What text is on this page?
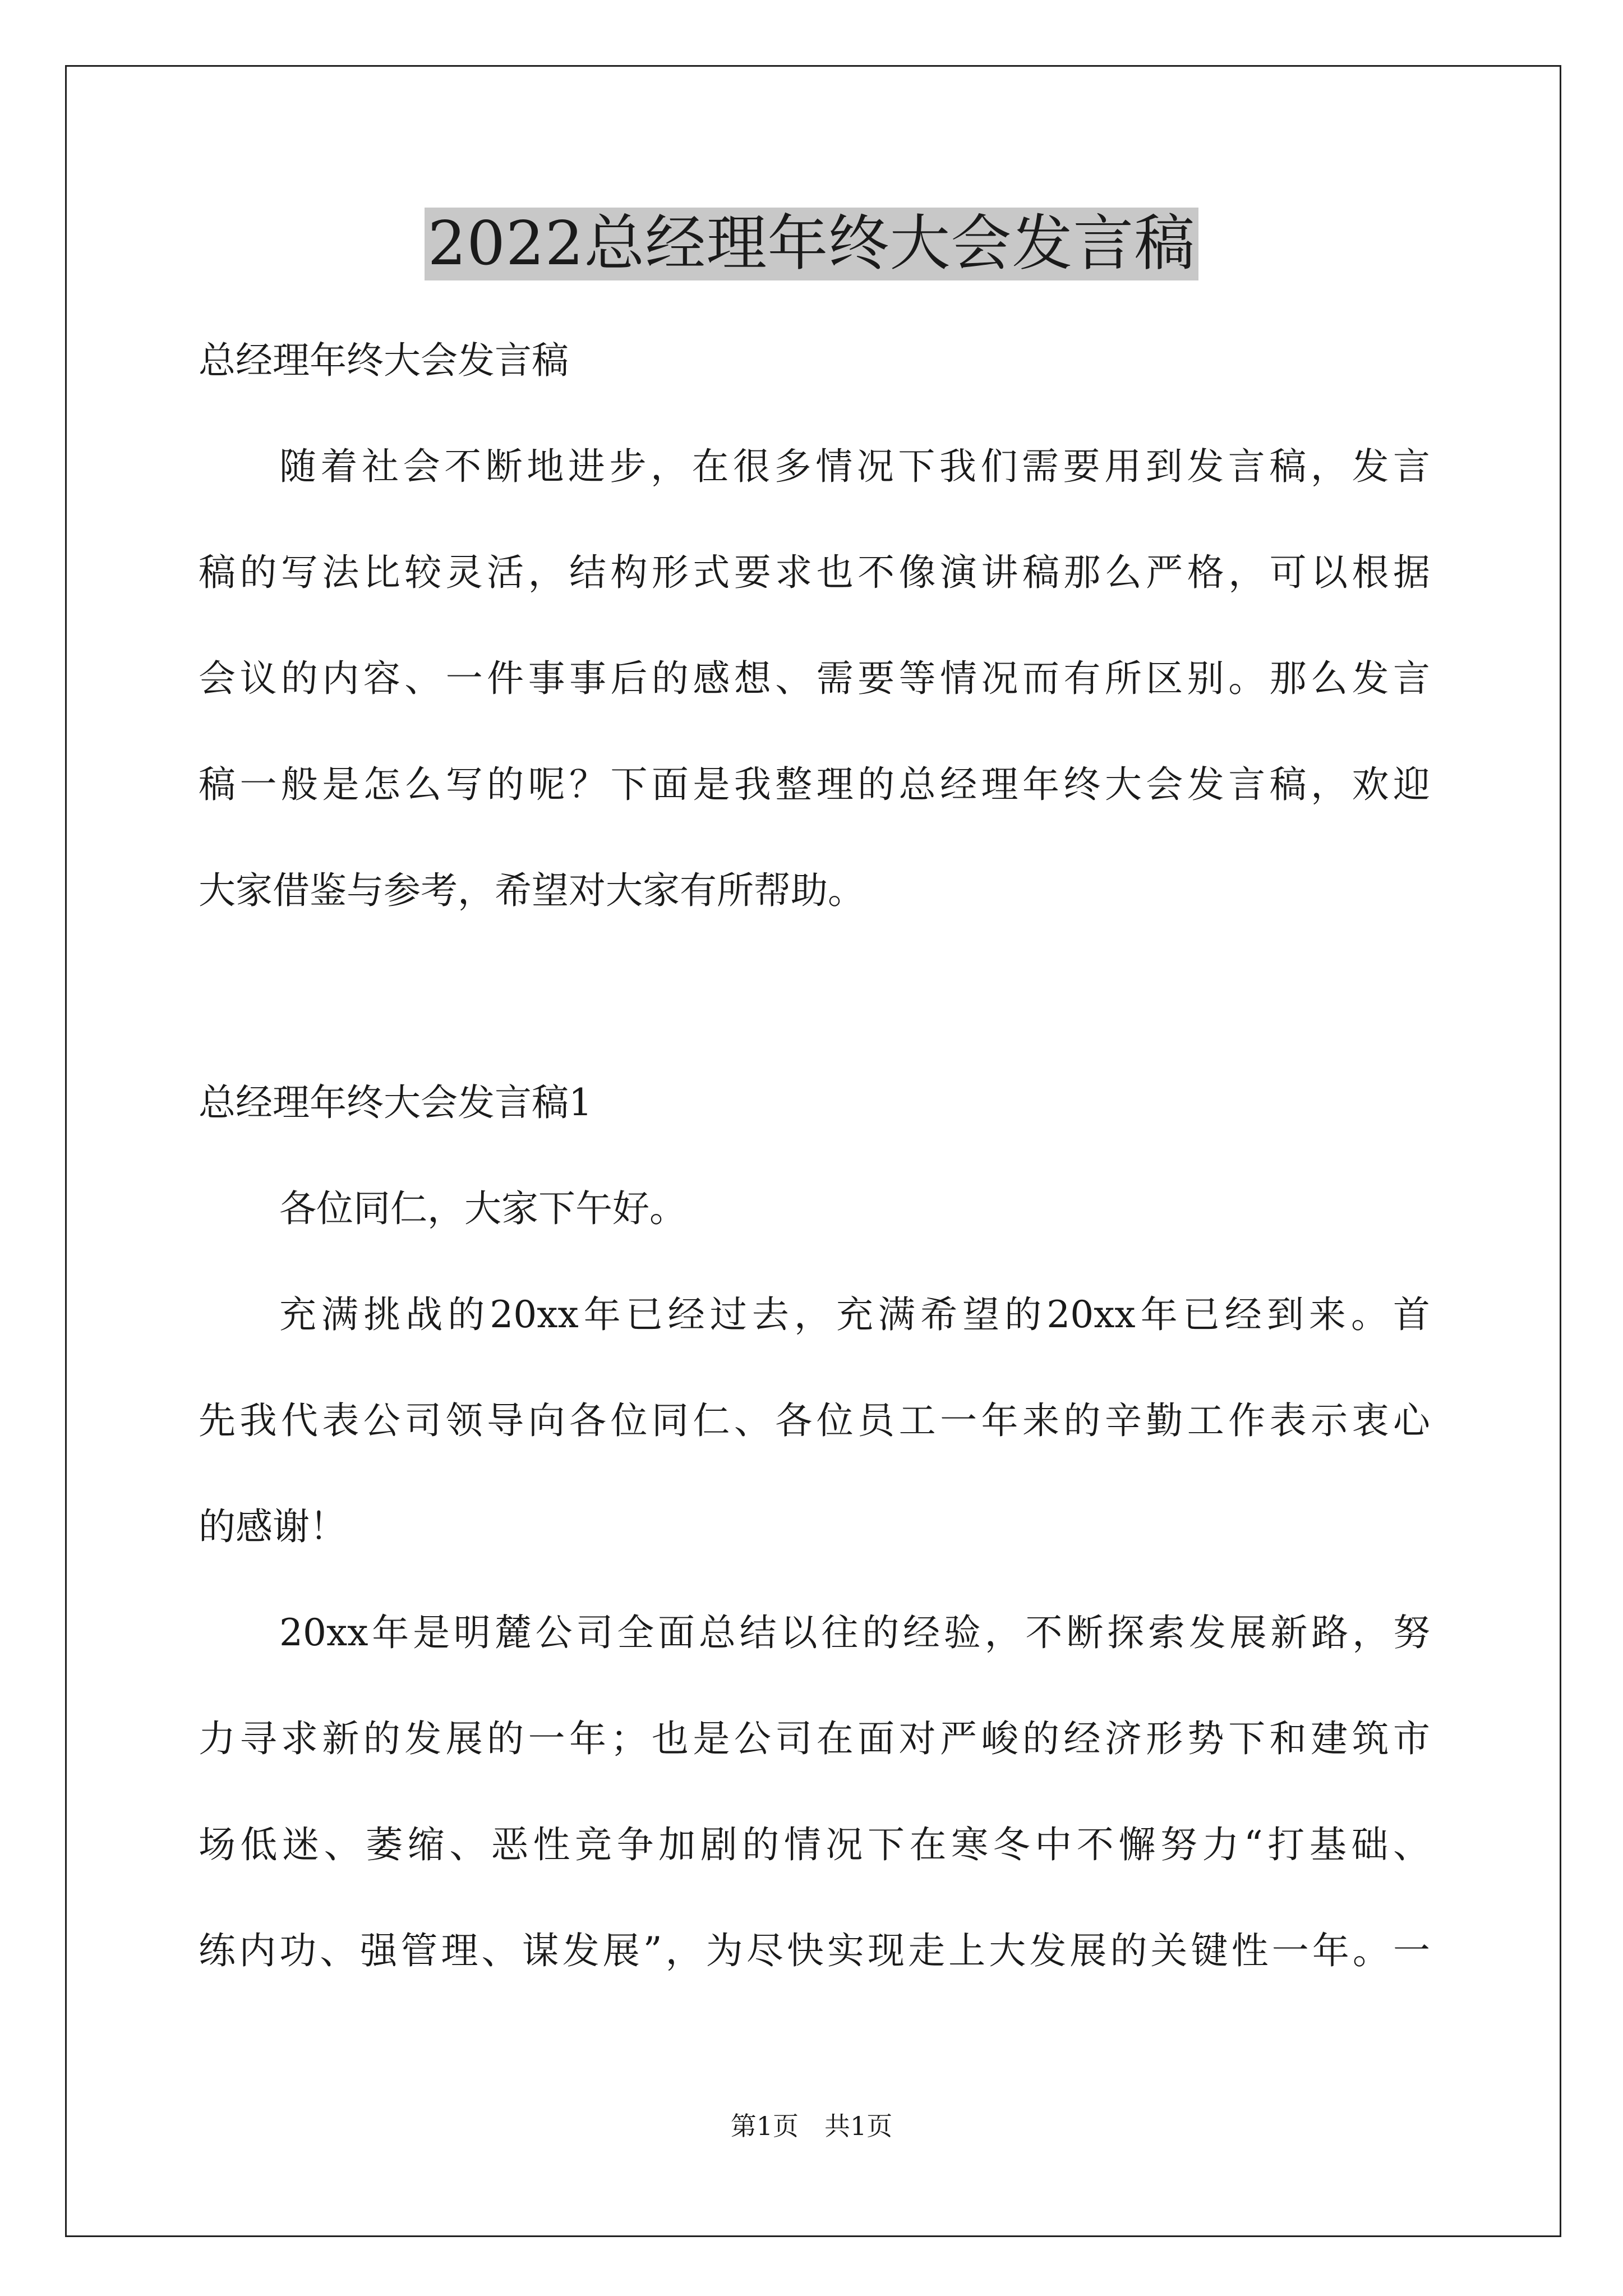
2022总经理年终大会发言稿
总经理年终大会发言稿
随着社会不断地进步，在很多情况下我们需要用到发言稿，发言
稿的写法比较灵活，结构形式要求也不像演讲稿那么严格，可以根据
会议的内容、一件事事后的感想、需要等情况而有所区别。那么发言
稿一般是怎么写的呢？下面是我整理的总经理年终大会发言稿，欢迎
大家借鉴与参考，希望对大家有所帮助。
总经理年终大会发言稿1
各位同仁，大家下午好。
充满挑战的20xx年已经过去，充满希望的20xx年已经到来。首
先我代表公司领导向各位同仁、各位员工一年来的辛勤工作表示衷心
的感谢！
20xx年是明麓公司全面总结以往的经验，不断探索发展新路，努
力寻求新的发展的一年；也是公司在面对严峻的经济形势下和建筑市
场低迷、萎缩、恶性竞争加剧的情况下在寒冬中不懈努力“打基础、
练内功、强管理、谋发展”，为尽快实现走上大发展的关键性一年。一
第1页 共1页
